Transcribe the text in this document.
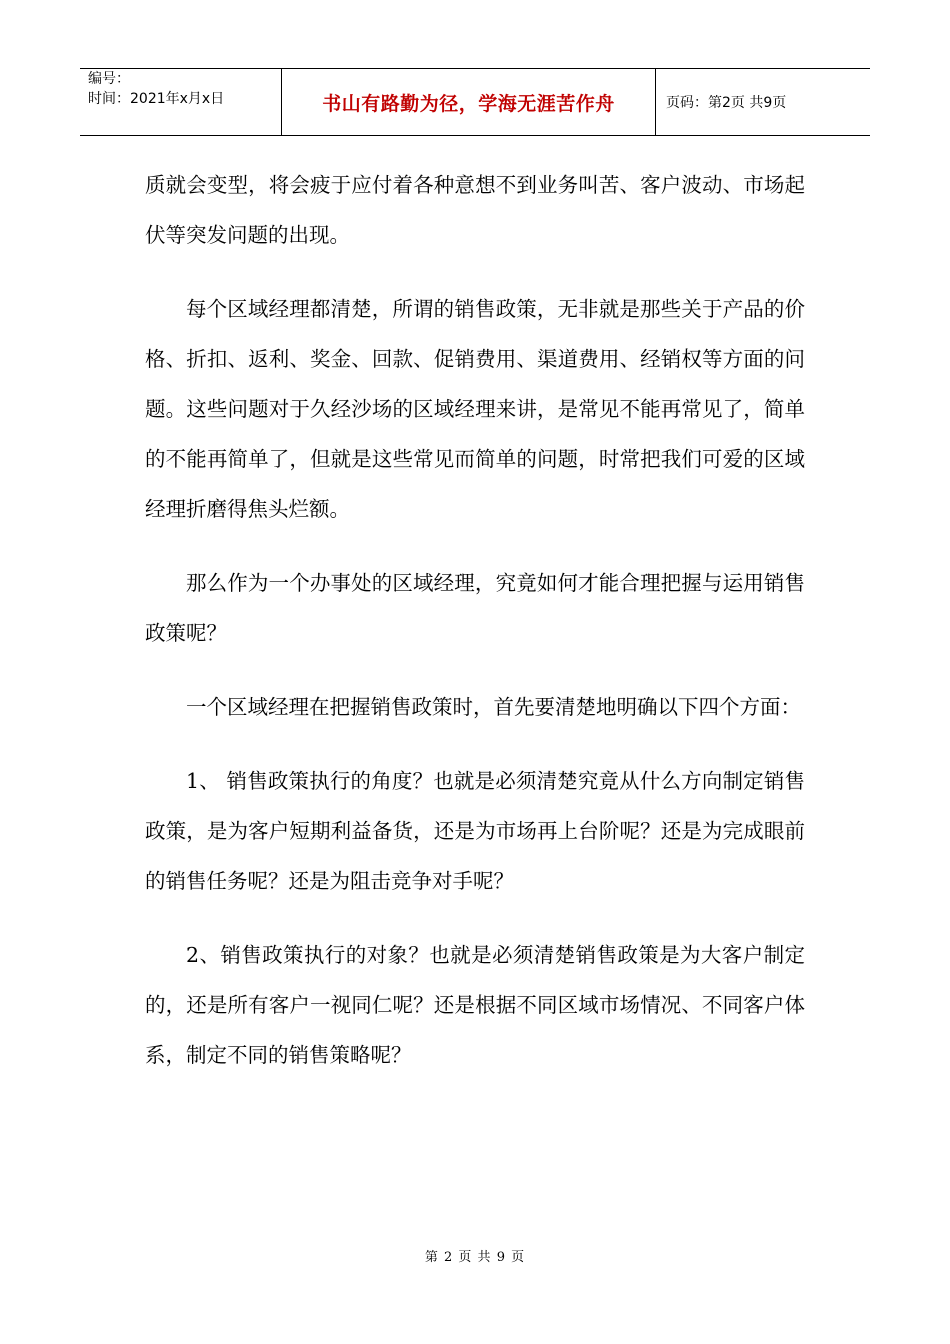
编号：
时间：2021年x月x日	书山有路勤为径，学海无涯苦作舟	页码：第2页 共9页

质就会变型，将会疲于应付着各种意想不到业务叫苦、客户波动、市场起伏等突发问题的出现。

每个区域经理都清楚，所谓的销售政策，无非就是那些关于产品的价格、折扣、返利、奖金、回款、促销费用、渠道费用、经销权等方面的问题。这些问题对于久经沙场的区域经理来讲，是常见不能再常见了，简单的不能再简单了，但就是这些常见而简单的问题，时常把我们可爱的区域经理折磨得焦头烂额。

那么作为一个办事处的区域经理，究竟如何才能合理把握与运用销售政策呢？

一个区域经理在把握销售政策时，首先要清楚地明确以下四个方面：

1、 销售政策执行的角度？也就是必须清楚究竟从什么方向制定销售政策，是为客户短期利益备货，还是为市场再上台阶呢？还是为完成眼前的销售任务呢？还是为阻击竞争对手呢？

2、销售政策执行的对象？也就是必须清楚销售政策是为大客户制定的，还是所有客户一视同仁呢？还是根据不同区域市场情况、不同客户体系，制定不同的销售策略呢？

第 2 页 共 9 页
